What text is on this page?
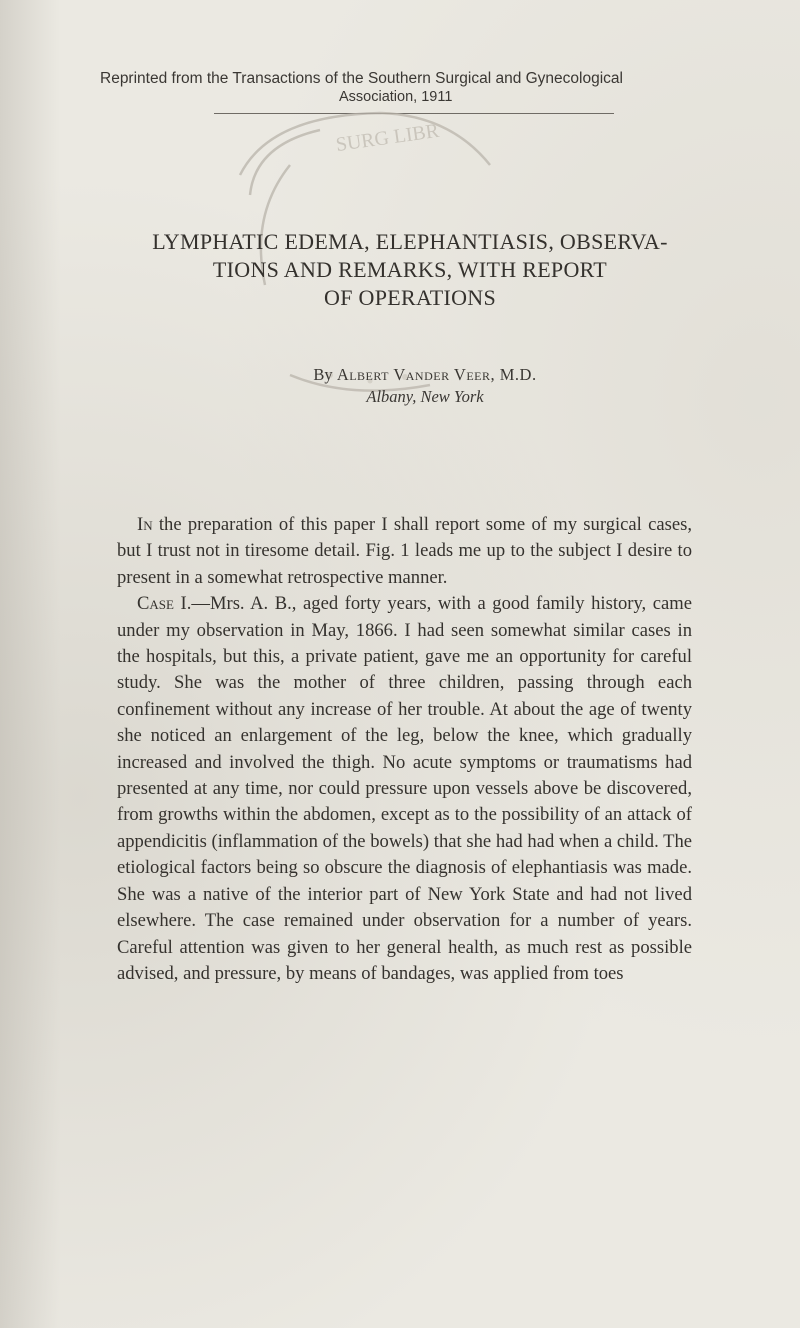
Reprinted from the Transactions of the Southern Surgical and Gynecological
Association, 1911
SURG LIBR
LYMPHATIC EDEMA, ELEPHANTIASIS, OBSERVA-
TIONS AND REMARKS, WITH REPORT
OF OPERATIONS
By Albert Vander Veer, M.D.
Albany, New York

In the preparation of this paper I shall report some of my surgical cases, but I trust not in tiresome detail. Fig. 1 leads me up to the subject I desire to present in a somewhat retrospective manner.

Case I.—Mrs. A. B., aged forty years, with a good family history, came under my observation in May, 1866. I had seen somewhat similar cases in the hospitals, but this, a private patient, gave me an opportunity for careful study. She was the mother of three children, passing through each confinement without any increase of her trouble. At about the age of twenty she noticed an enlargement of the leg, below the knee, which gradually increased and involved the thigh. No acute symptoms or traumatisms had presented at any time, nor could pressure upon vessels above be discovered, from growths within the abdomen, except as to the possibility of an attack of appendicitis (inflammation of the bowels) that she had had when a child. The etiological factors being so obscure the diagnosis of elephantiasis was made. She was a native of the interior part of New York State and had not lived elsewhere. The case remained under observation for a number of years. Careful attention was given to her general health, as much rest as possible advised, and pressure, by means of bandages, was applied from toes
